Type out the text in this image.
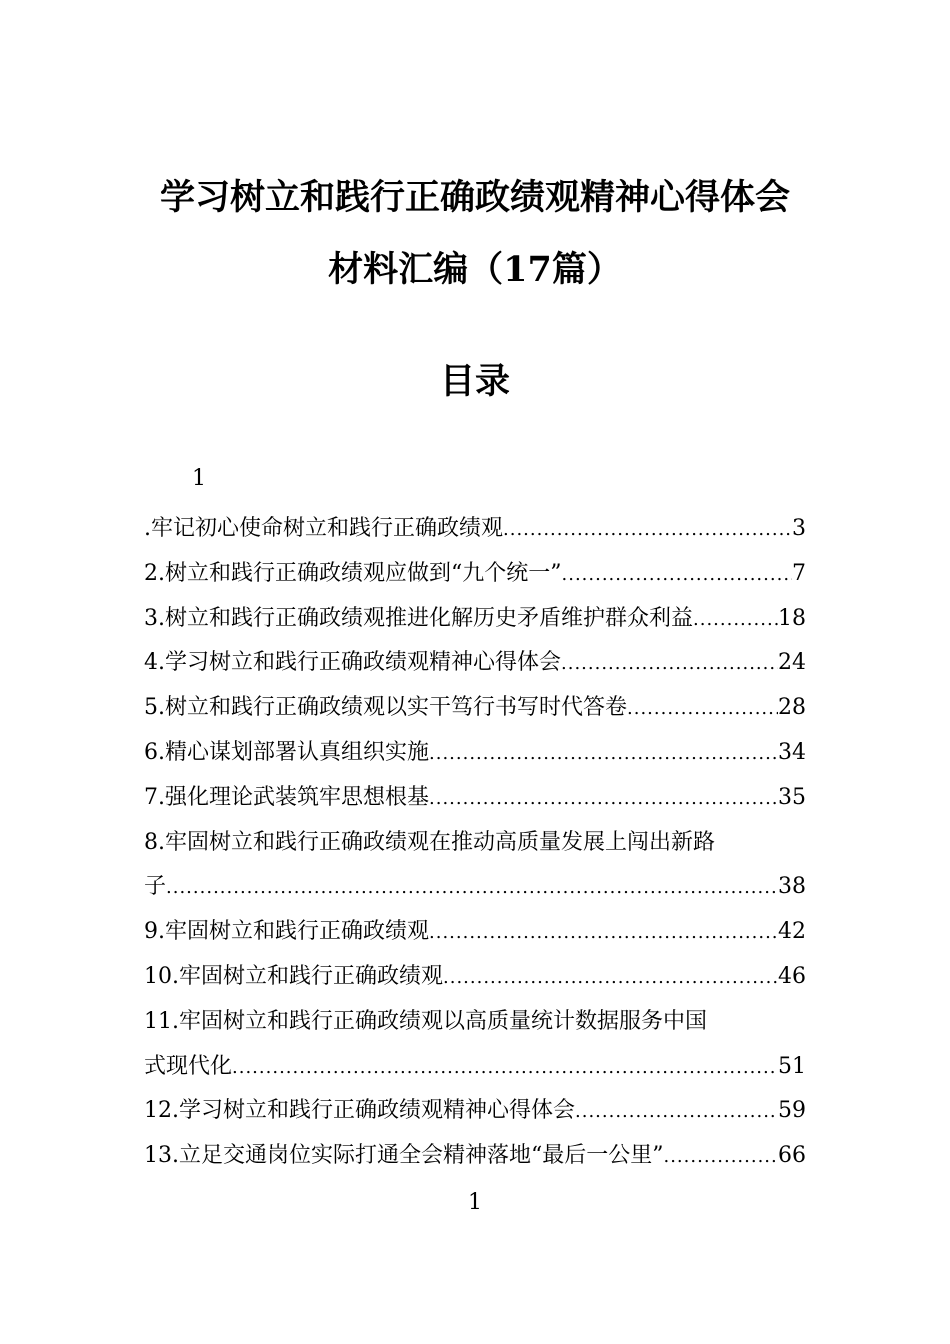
学习树立和践行正确政绩观精神心得体会
材料汇编（17篇）
目录
1
.牢记初心使命树立和践行正确政绩观 .....	3
2.树立和践行正确政绩观应做到“九个统一” .....	7
3.树立和践行正确政绩观推进化解历史矛盾维护群众利益 .....	18
4.学习树立和践行正确政绩观精神心得体会 .....	24
5.树立和践行正确政绩观以实干笃行书写时代答卷 .....	28
6.精心谋划部署认真组织实施 .....	34
7.强化理论武装筑牢思想根基 .....	35
8.牢固树立和践行正确政绩观在推动高质量发展上闯出新路
子 .....	38
9.牢固树立和践行正确政绩观 .....	42
10.牢固树立和践行正确政绩观 .....	46
11.牢固树立和践行正确政绩观以高质量统计数据服务中国
式现代化 .....	51
12.学习树立和践行正确政绩观精神心得体会 .....	59
13.立足交通岗位实际打通全会精神落地“最后一公里” .....	66
1
